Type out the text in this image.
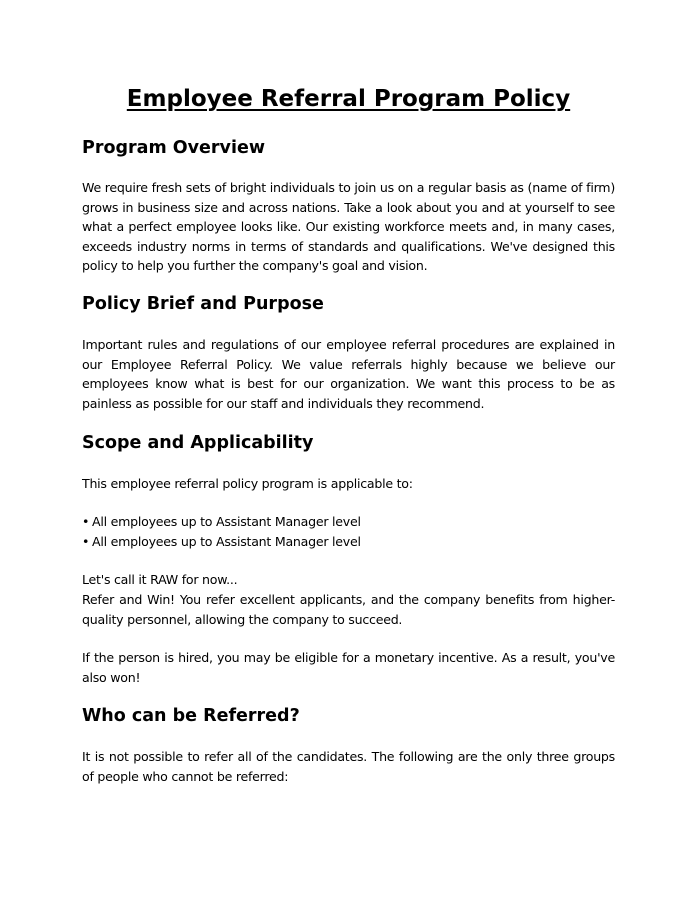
Employee Referral Program Policy
Program Overview

We require fresh sets of bright individuals to join us on a regular basis as (name of firm) grows in business size and across nations. Take a look about you and at yourself to see what a perfect employee looks like. Our existing workforce meets and, in many cases, exceeds industry norms in terms of standards and qualifications. We've designed this policy to help you further the company's goal and vision.

Policy Brief and Purpose

Important rules and regulations of our employee referral procedures are explained in our Employee Referral Policy. We value referrals highly because we believe our employees know what is best for our organization. We want this process to be as painless as possible for our staff and individuals they recommend.

Scope and Applicability

This employee referral policy program is applicable to:

• All employees up to Assistant Manager level
• All employees up to Assistant Manager level

Let's call it RAW for now...

Refer and Win! You refer excellent applicants, and the company benefits from higher-quality personnel, allowing the company to succeed.

If the person is hired, you may be eligible for a monetary incentive. As a result, you've also won!

Who can be Referred?

It is not possible to refer all of the candidates. The following are the only three groups of people who cannot be referred:
